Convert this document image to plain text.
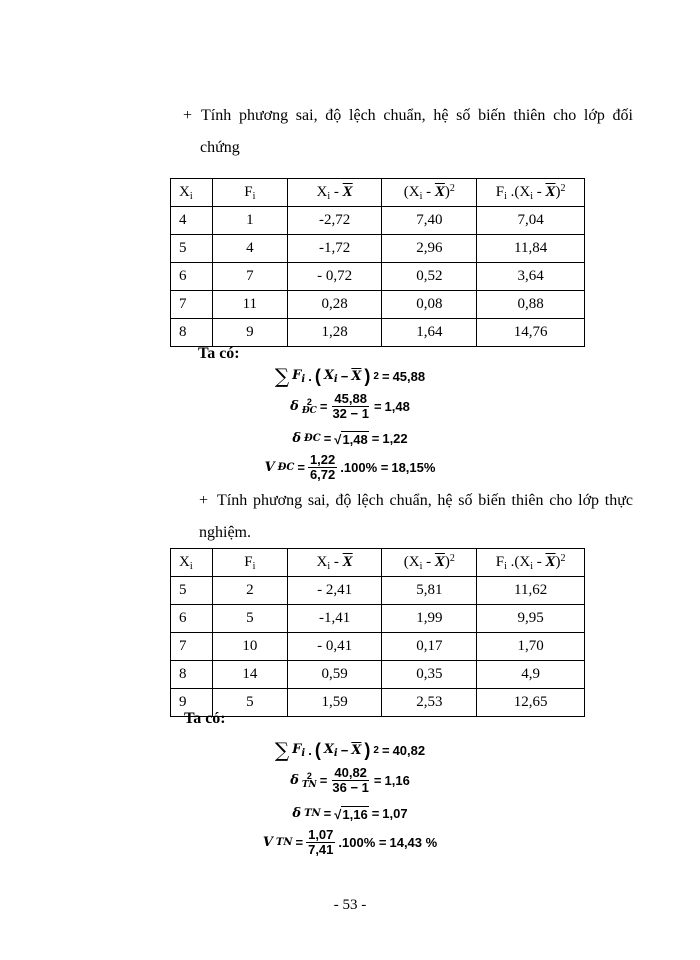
+ Tính phương sai, độ lệch chuẩn, hệ số biến thiên cho lớp đối
chứng
$X_i$	$F_i$	$X_i - \overline{X}$	$(X_i - \overline{X})^2$	$F_i$ $.(X_i - \overline{X})^2$
4	1	-2,72	7,40	7,04
5	4	-1,72	2,96	11,84
6	7	- 0,72	0,52	3,64
7	11	0,28	0,08	0,88
8	9	1,28	1,64	14,76
Ta có:
∑ $F_i$ . ( $X_i - \overline{X}$ ) 2 = 45,88
δ 2
ĐC = $\frac{45,88}{32 - 1} = 1,48$
δ ĐC = √ 1,48 = 1,22
V ĐC = $\frac{1,22}{6,72} .100\% = 18,15\%$
+ Tính phương sai, độ lệch chuẩn, hệ số biến thiên cho lớp thực
nghiệm.
$X_i$	$F_i$	$X_i - \overline{X}$	$(X_i - \overline{X})^2$	$F_i$ $.(X_i - \overline{X})^2$
5	2	- 2,41	5,81	11,62
6	5	-1,41	1,99	9,95
7	10	- 0,41	0,17	1,70
8	14	0,59	0,35	4,9
9	5	1,59	2,53	12,65
Ta có:
∑ $F_i$ . ( $X_i - \overline{X}$ ) 2 = 40,82
δ 2
TN = $\frac{40,82}{36 - 1} = 1,16$
δ TN = √ 1,16 = 1,07
V TN = $\frac{1,07}{7,41} .100\% = 14,43$ %
- 53 -
